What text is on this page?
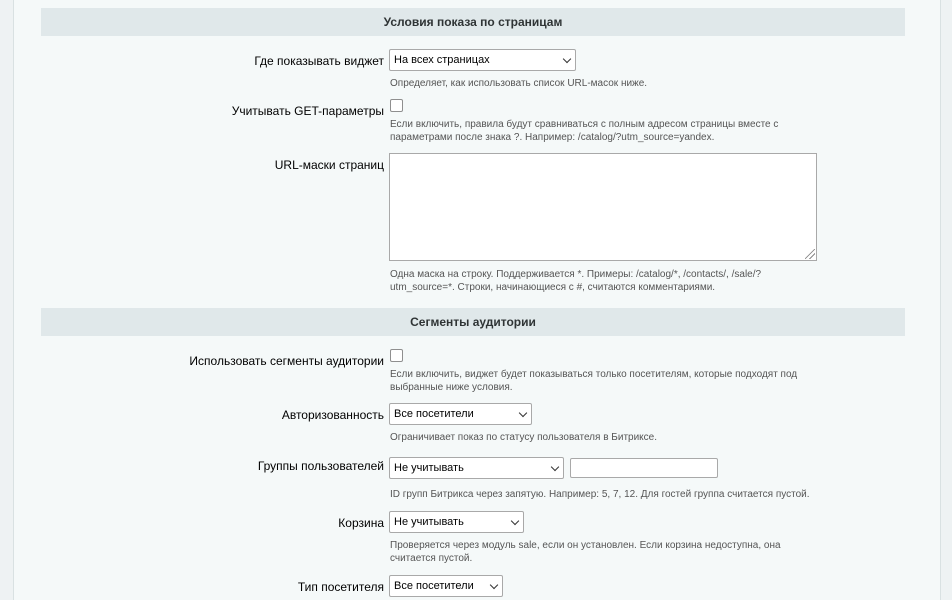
Условия показа по страницам
Где показывать виджет На всех страницах
Определяет, как использовать список URL-масок ниже.
Учитывать GET-параметры
Если включить, правила будут сравниваться с полным адресом страницы вместе с параметрами после знака ?. Например: /catalog/?utm_source=yandex.
URL-маски страниц
Одна маска на строку. Поддерживается *. Примеры: /catalog/*, /contacts/, /sale/?utm_source=*. Строки, начинающиеся с #, считаются комментариями.
Сегменты аудитории
Использовать сегменты аудитории
Если включить, виджет будет показываться только посетителям, которые подходят под выбранные ниже условия.
Авторизованность Все посетители
Ограничивает показ по статусу пользователя в Битриксе.
Группы пользователей Не учитывать
ID групп Битрикса через запятую. Например: 5, 7, 12. Для гостей группа считается пустой.
Корзина Не учитывать
Проверяется через модуль sale, если он установлен. Если корзина недоступна, она считается пустой.
Тип посетителя Все посетители
